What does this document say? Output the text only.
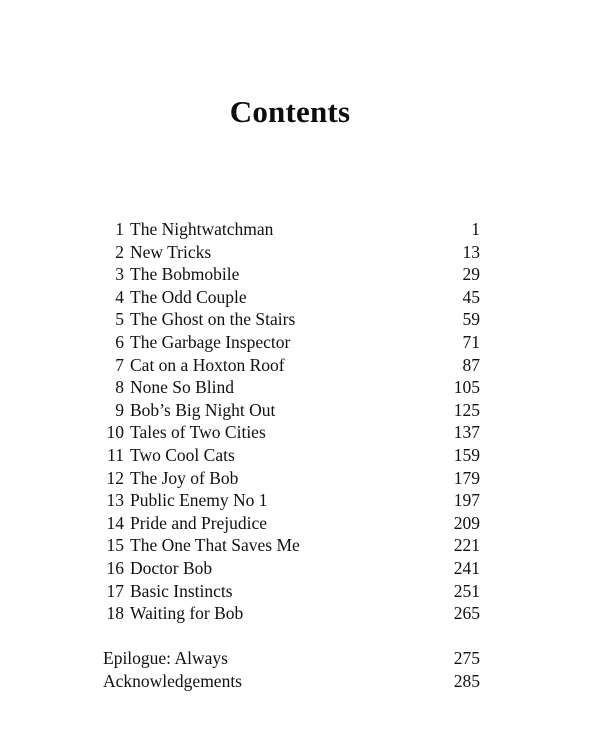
Contents
1 The Nightwatchman	1
2 New Tricks	13
3 The Bobmobile	29
4 The Odd Couple	45
5 The Ghost on the Stairs	59
6 The Garbage Inspector	71
7 Cat on a Hoxton Roof	87
8 None So Blind	105
9 Bob’s Big Night Out	125
10 Tales of Two Cities	137
11 Two Cool Cats	159
12 The Joy of Bob	179
13 Public Enemy No 1	197
14 Pride and Prejudice	209
15 The One That Saves Me	221
16 Doctor Bob	241
17 Basic Instincts	251
18 Waiting for Bob	265
Epilogue: Always	275
Acknowledgements	285
